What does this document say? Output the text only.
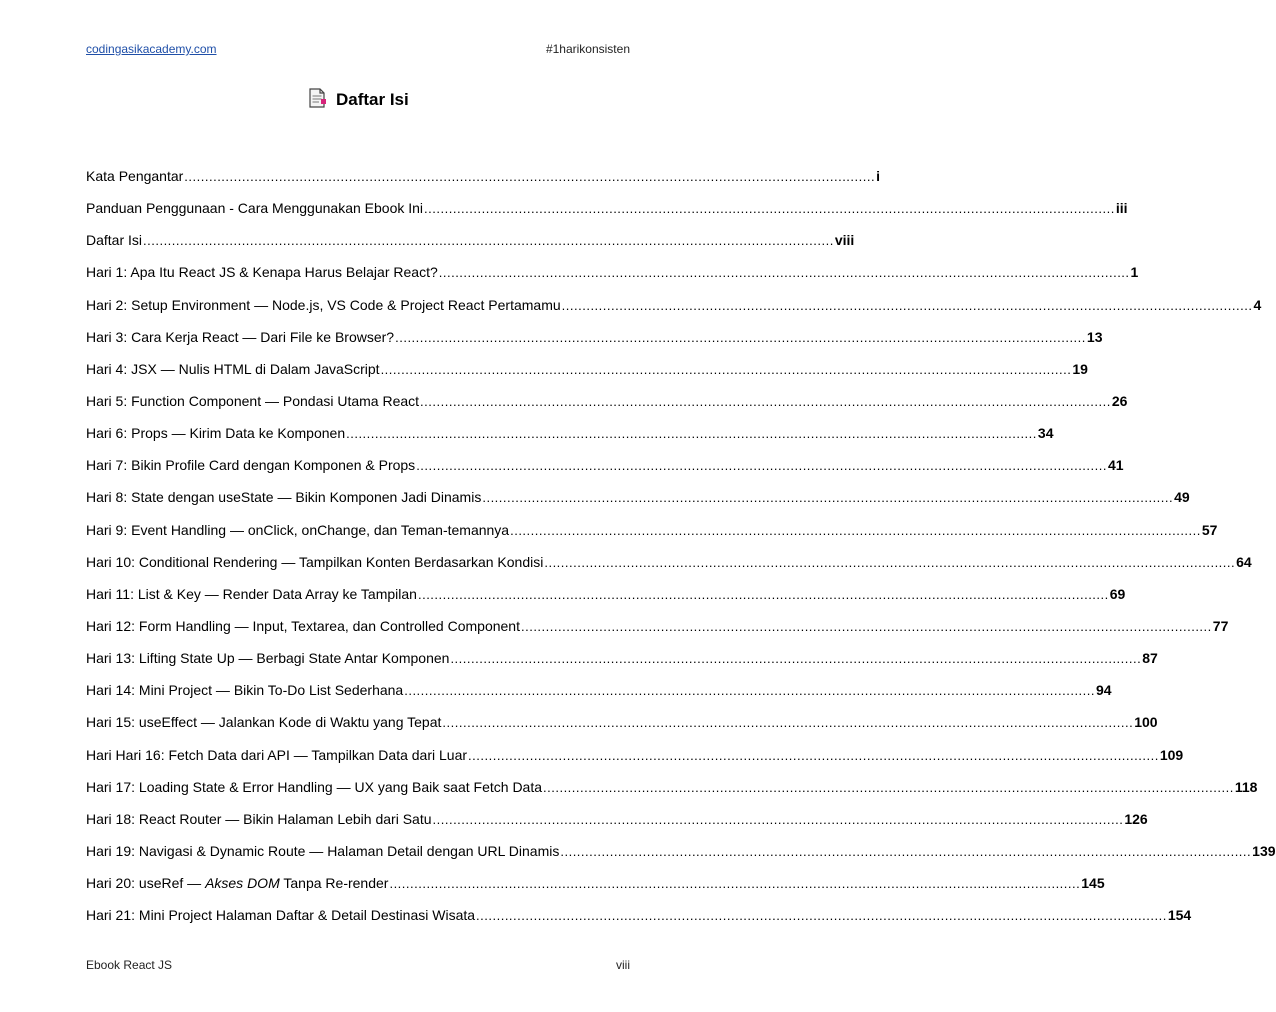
codingasikacademy.com	#1harikonsisten
Daftar Isi
Kata Pengantar .....	i
Panduan Penggunaan - Cara Menggunakan Ebook Ini .....	iii
Daftar Isi .....	viii
Hari 1: Apa Itu React JS & Kenapa Harus Belajar React? .....	1
Hari 2: Setup Environment — Node.js, VS Code & Project React Pertamamu .....	4
Hari 3: Cara Kerja React — Dari File ke Browser? .....	13
Hari 4: JSX — Nulis HTML di Dalam JavaScript .....	19
Hari 5: Function Component — Pondasi Utama React .....	26
Hari 6: Props — Kirim Data ke Komponen .....	34
Hari 7: Bikin Profile Card dengan Komponen & Props .....	41
Hari 8: State dengan useState — Bikin Komponen Jadi Dinamis .....	49
Hari 9: Event Handling — onClick, onChange, dan Teman-temannya .....	57
Hari 10: Conditional Rendering — Tampilkan Konten Berdasarkan Kondisi .....	64
Hari 11: List & Key — Render Data Array ke Tampilan .....	69
Hari 12: Form Handling — Input, Textarea, dan Controlled Component .....	77
Hari 13: Lifting State Up — Berbagi State Antar Komponen .....	87
Hari 14: Mini Project — Bikin To-Do List Sederhana .....	94
Hari 15: useEffect — Jalankan Kode di Waktu yang Tepat .....	100
Hari Hari 16: Fetch Data dari API — Tampilkan Data dari Luar .....	109
Hari 17: Loading State & Error Handling — UX yang Baik saat Fetch Data .....	118
Hari 18: React Router — Bikin Halaman Lebih dari Satu .....	126
Hari 19: Navigasi & Dynamic Route — Halaman Detail dengan URL Dinamis .....	139
Hari 20: useRef — Akses DOM Tanpa Re-render .....	145
Hari 21: Mini Project Halaman Daftar & Detail Destinasi Wisata .....	154
Ebook React JS	viii
